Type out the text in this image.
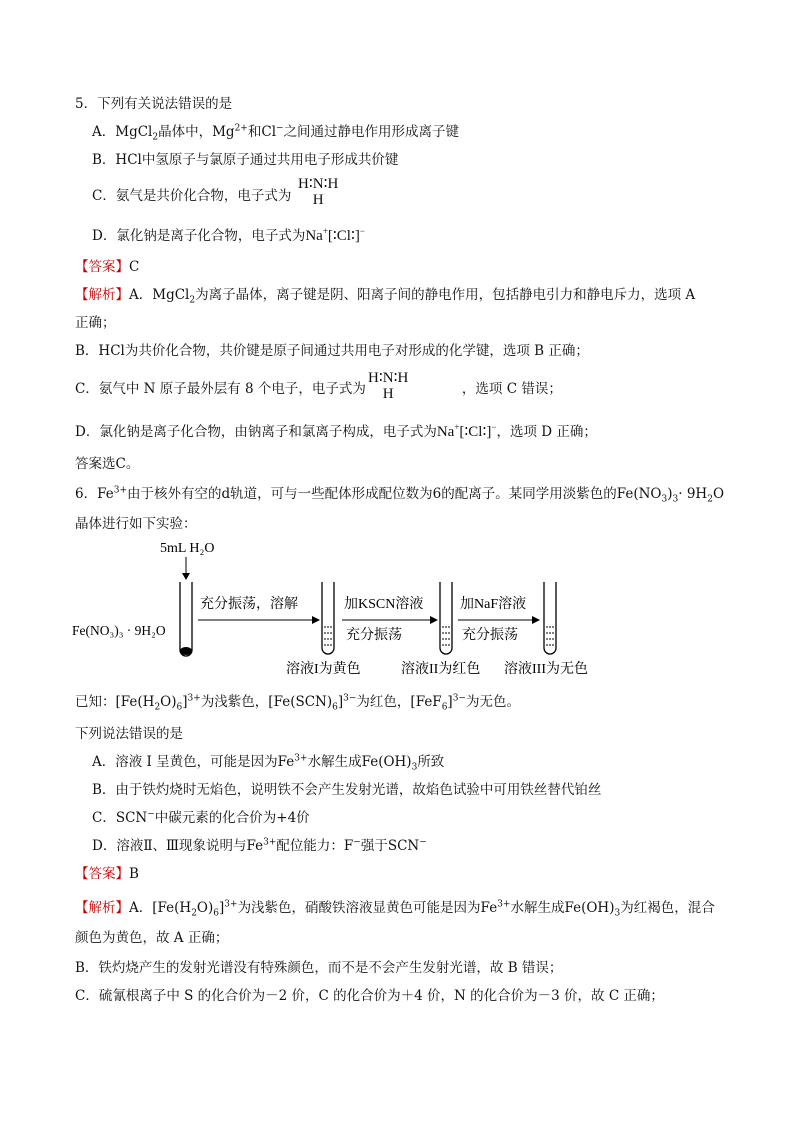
5．下列有关说法错误的是
A．MgCl$_2$晶体中，$Mg^{2+}$和Cl−之间通过静电作用形成离子键
B．HCl中氢原子与氯原子通过共用电子形成共价键
C．氨气是共价化合物，电子式为
H∶N∶H
H
D．氯化钠是离子化合物，电子式为Na+[∶Cl∶]−
【答案】C
【解析】A．MgCl$_2$为离子晶体，离子键是阴、阳离子间的静电作用，包括静电引力和静电斥力，选项 A
正确；
B．HCl为共价化合物，共价键是原子间通过共用电子对形成的化学键，选项 B 正确；
C．氨气中 N 原子最外层有 8 个电子，电子式为	，选项 C 错误；
H∶N∶H
H
D．氯化钠是离子化合物，由钠离子和氯离子构成，电子式为Na+[∶Cl∶]−，选项 D 正确；
答案选C。
6．$Fe^{3+}$由于核外有空的d轨道，可与一些配体形成配位数为6的配离子。某同学用淡紫色的$Fe(NO_3)_3\cdot 9H_2O$
晶体进行如下实验：
5mL H₂O
Fe(NO₃)₃ · 9H₂O
充分振荡，溶解	加KSCN溶液
充分振荡
加NaF溶液
充分振荡
溶液I为黄色	溶液II为红色 溶液III为无色
已知：$[Fe(H_2O)_6]^{3+}$为浅紫色，$[Fe(SCN)_6]^{3-}$为红色，$[FeF_6]^{3-}$为无色。
下列说法错误的是
A．溶液 I 呈黄色，可能是因为$Fe^{3+}$水解生成$Fe(OH)_3$所致
B．由于铁灼烧时无焰色，说明铁不会产生发射光谱，故焰色试验中可用铁丝替代铂丝
C．SCN−中碳元素的化合价为+4价
D．溶液Ⅱ、Ⅲ现象说明与$Fe^{3+}$配位能力：F−强于SCN−
【答案】B
【解析】A．$[Fe(H_2O)_6]^{3+}$为浅紫色，硝酸铁溶液显黄色可能是因为$Fe^{3+}$水解生成$Fe(OH)_3$为红褐色，混合
颜色为黄色，故 A 正确；
B．铁灼烧产生的发射光谱没有特殊颜色，而不是不会产生发射光谱，故 B 错误；
C．硫氰根离子中 S 的化合价为－2 价，C 的化合价为＋4 价，N 的化合价为－3 价，故 C 正确；
